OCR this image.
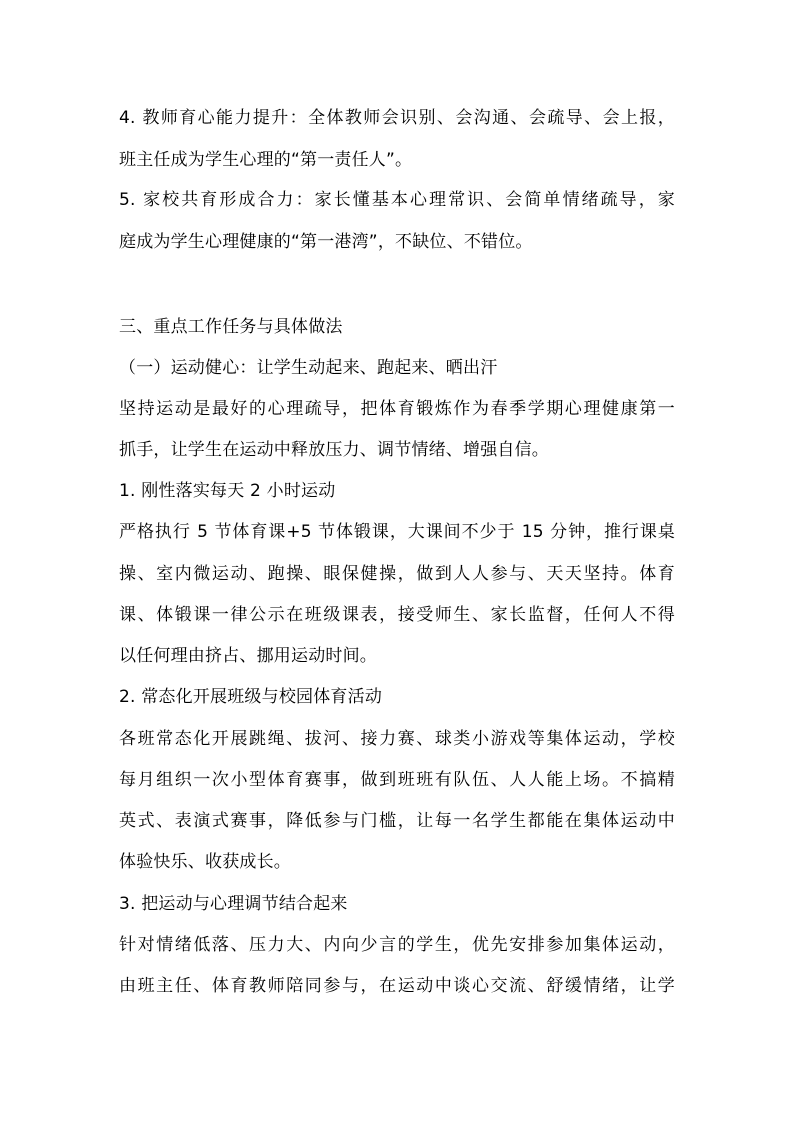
4. 教师育心能力提升：全体教师会识别、会沟通、会疏导、会上报，

班主任成为学生心理的“第一责任人”。

5. 家校共育形成合力：家长懂基本心理常识、会简单情绪疏导，家

庭成为学生心理健康的“第一港湾”，不缺位、不错位。

三、重点工作任务与具体做法

（一）运动健心：让学生动起来、跑起来、晒出汗

坚持运动是最好的心理疏导，把体育锻炼作为春季学期心理健康第一

抓手，让学生在运动中释放压力、调节情绪、增强自信。

1. 刚性落实每天 2 小时运动

严格执行 5 节体育课+5 节体锻课，大课间不少于 15 分钟，推行课桌

操、室内微运动、跑操、眼保健操，做到人人参与、天天坚持。体育

课、体锻课一律公示在班级课表，接受师生、家长监督，任何人不得

以任何理由挤占、挪用运动时间。

2. 常态化开展班级与校园体育活动

各班常态化开展跳绳、拔河、接力赛、球类小游戏等集体运动，学校

每月组织一次小型体育赛事，做到班班有队伍、人人能上场。不搞精

英式、表演式赛事，降低参与门槛，让每一名学生都能在集体运动中

体验快乐、收获成长。

3. 把运动与心理调节结合起来

针对情绪低落、压力大、内向少言的学生，优先安排参加集体运动，

由班主任、体育教师陪同参与，在运动中谈心交流、舒缓情绪，让学
